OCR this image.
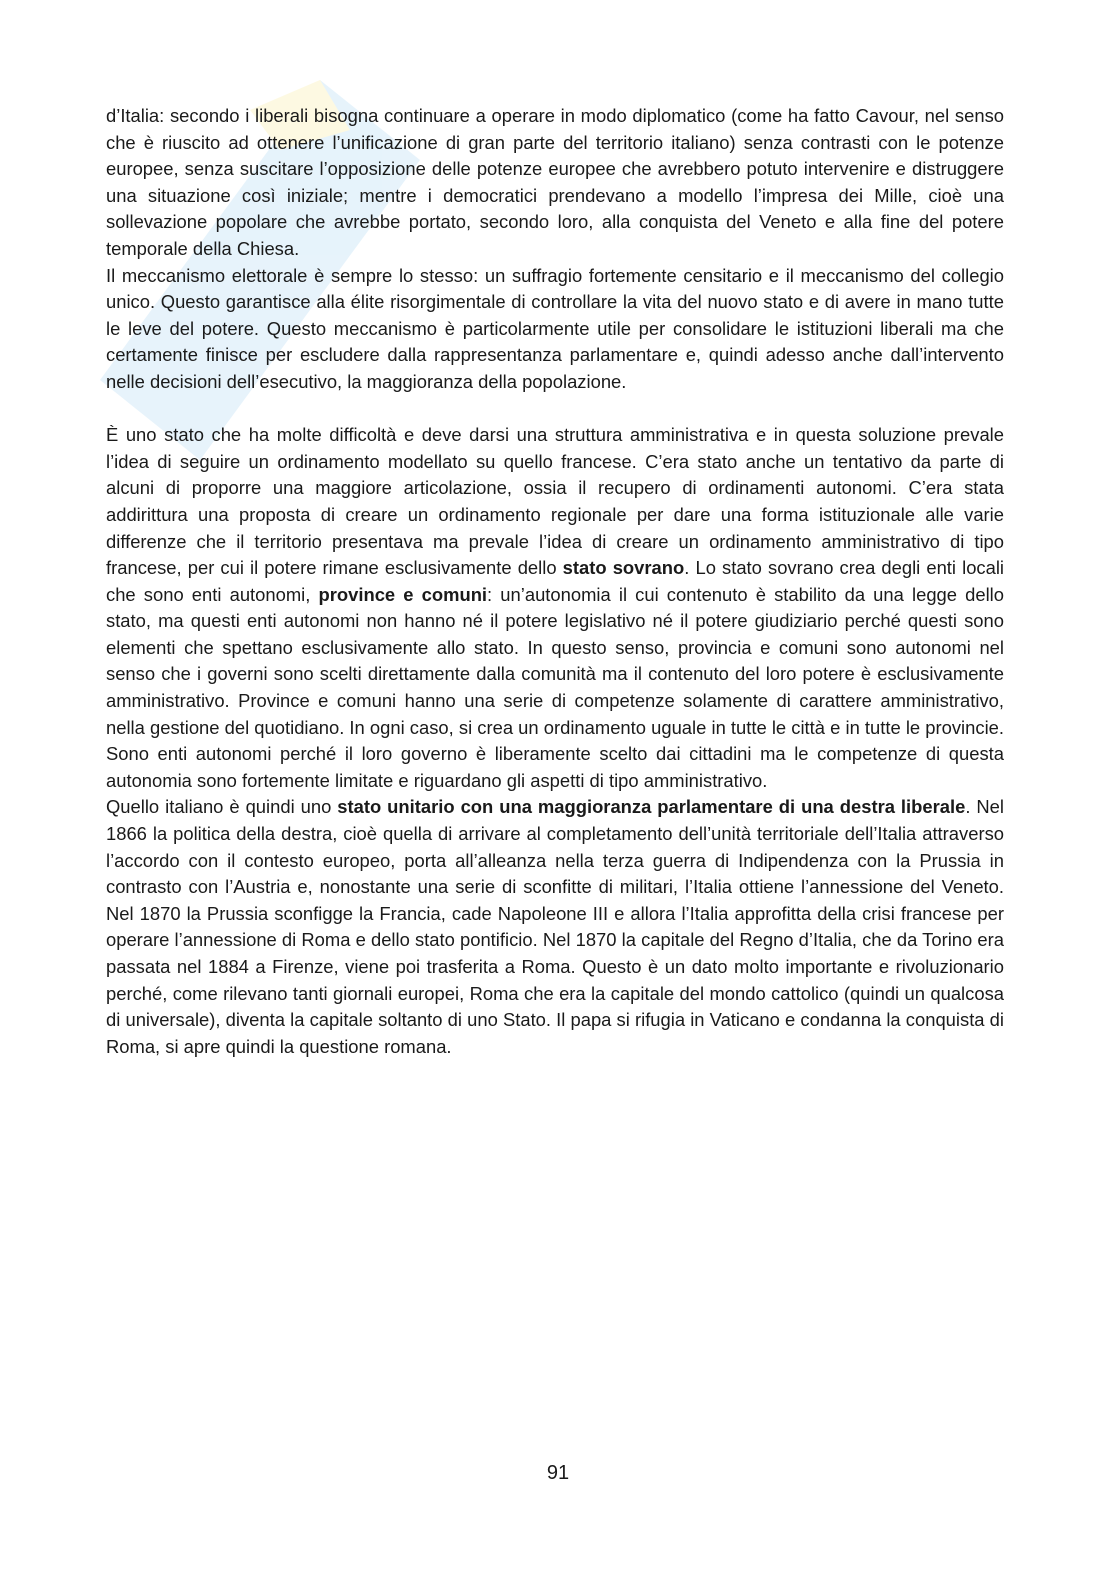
d’Italia: secondo i liberali bisogna continuare a operare in modo diplomatico (come ha fatto Cavour, nel senso che è riuscito ad ottenere l’unificazione di gran parte del territorio italiano) senza contrasti con le potenze europee, senza suscitare l’opposizione delle potenze europee che avrebbero potuto intervenire e distruggere una situazione così iniziale; mentre i democratici prendevano a modello l’impresa dei Mille, cioè una sollevazione popolare che avrebbe portato, secondo loro, alla conquista del Veneto e alla fine del potere temporale della Chiesa.

Il meccanismo elettorale è sempre lo stesso: un suffragio fortemente censitario e il meccanismo del collegio unico. Questo garantisce alla élite risorgimentale di controllare la vita del nuovo stato e di avere in mano tutte le leve del potere. Questo meccanismo è particolarmente utile per consolidare le istituzioni liberali ma che certamente finisce per escludere dalla rappresentanza parlamentare e, quindi adesso anche dall’intervento nelle decisioni dell’esecutivo, la maggioranza della popolazione.

È uno stato che ha molte difficoltà e deve darsi una struttura amministrativa e in questa soluzione prevale l’idea di seguire un ordinamento modellato su quello francese. C’era stato anche un tentativo da parte di alcuni di proporre una maggiore articolazione, ossia il recupero di ordinamenti autonomi. C’era stata addirittura una proposta di creare un ordinamento regionale per dare una forma istituzionale alle varie differenze che il territorio presentava ma prevale l’idea di creare un ordinamento amministrativo di tipo francese, per cui il potere rimane esclusivamente dello stato sovrano. Lo stato sovrano crea degli enti locali che sono enti autonomi, province e comuni: un’autonomia il cui contenuto è stabilito da una legge dello stato, ma questi enti autonomi non hanno né il potere legislativo né il potere giudiziario perché questi sono elementi che spettano esclusivamente allo stato. In questo senso, provincia e comuni sono autonomi nel senso che i governi sono scelti direttamente dalla comunità ma il contenuto del loro potere è esclusivamente amministrativo. Province e comuni hanno una serie di competenze solamente di carattere amministrativo, nella gestione del quotidiano. In ogni caso, si crea un ordinamento uguale in tutte le città e in tutte le provincie. Sono enti autonomi perché il loro governo è liberamente scelto dai cittadini ma le competenze di questa autonomia sono fortemente limitate e riguardano gli aspetti di tipo amministrativo.

Quello italiano è quindi uno stato unitario con una maggioranza parlamentare di una destra liberale. Nel 1866 la politica della destra, cioè quella di arrivare al completamento dell’unità territoriale dell’Italia attraverso l’accordo con il contesto europeo, porta all’alleanza nella terza guerra di Indipendenza con la Prussia in contrasto con l’Austria e, nonostante una serie di sconfitte di militari, l’Italia ottiene l’annessione del Veneto. Nel 1870 la Prussia sconfigge la Francia, cade Napoleone III e allora l’Italia approfitta della crisi francese per operare l’annessione di Roma e dello stato pontificio. Nel 1870 la capitale del Regno d’Italia, che da Torino era passata nel 1884 a Firenze, viene poi trasferita a Roma. Questo è un dato molto importante e rivoluzionario perché, come rilevano tanti giornali europei, Roma che era la capitale del mondo cattolico (quindi un qualcosa di universale), diventa la capitale soltanto di uno Stato. Il papa si rifugia in Vaticano e condanna la conquista di Roma, si apre quindi la questione romana.

91
